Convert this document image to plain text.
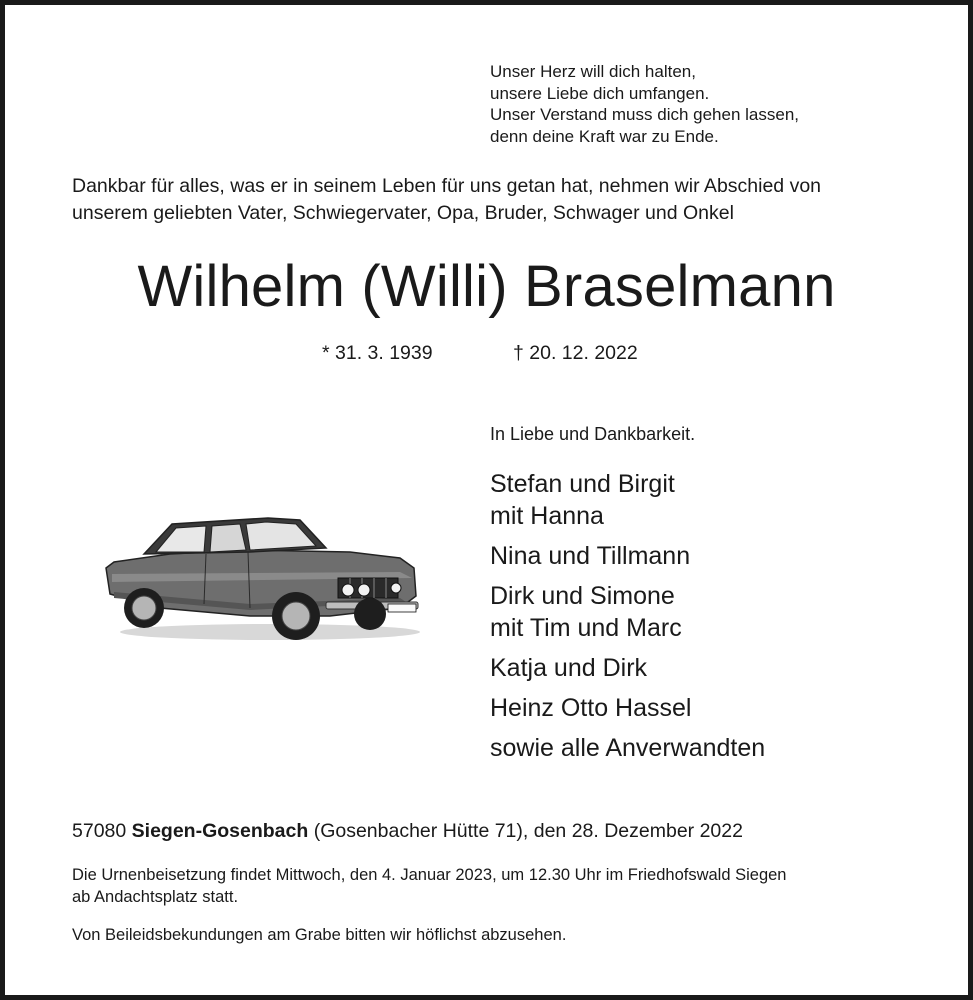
Unser Herz will dich halten,
unsere Liebe dich umfangen.
Unser Verstand muss dich gehen lassen,
denn deine Kraft war zu Ende.
Dankbar für alles, was er in seinem Leben für uns getan hat, nehmen wir Abschied von
unserem geliebten Vater, Schwiegervater, Opa, Bruder, Schwager und Onkel
Wilhelm (Willi) Braselmann
* 31. 3. 1939	† 20. 12. 2022
In Liebe und Dankbarkeit.
Stefan und Birgit
mit Hanna
Nina und Tillmann
Dirk und Simone
mit Tim und Marc
Katja und Dirk
Heinz Otto Hassel
sowie alle Anverwandten
57080 Siegen-Gosenbach (Gosenbacher Hütte 71), den 28. Dezember 2022
Die Urnenbeisetzung findet Mittwoch, den 4. Januar 2023, um 12.30 Uhr im Friedhofswald Siegen
ab Andachtsplatz statt.
Von Beileidsbekundungen am Grabe bitten wir höflichst abzusehen.
